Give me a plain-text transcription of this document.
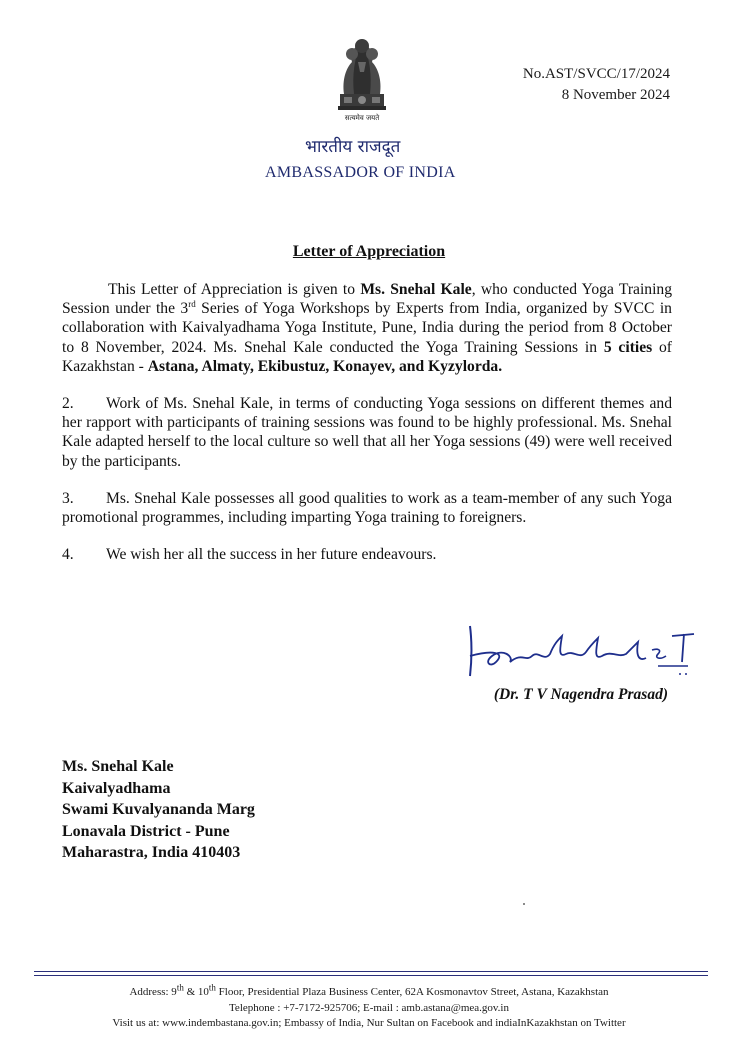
सत्यमेव जयते
No.AST/SVCC/17/2024
8 November 2024
भारतीय राजदूत
AMBASSADOR OF INDIA
Letter of Appreciation

This Letter of Appreciation is given to Ms. Snehal Kale, who conducted Yoga Training Session under the 3rd Series of Yoga Workshops by Experts from India, organized by SVCC in collaboration with Kaivalyadhama Yoga Institute, Pune, India during the period from 8 October to 8 November, 2024. Ms. Snehal Kale conducted the Yoga Training Sessions in 5 cities of Kazakhstan - Astana, Almaty, Ekibustuz, Konayev, and Kyzylorda.

2. Work of Ms. Snehal Kale, in terms of conducting Yoga sessions on different themes and her rapport with participants of training sessions was found to be highly professional. Ms. Snehal Kale adapted herself to the local culture so well that all her Yoga sessions (49) were well received by the participants.

3. Ms. Snehal Kale possesses all good qualities to work as a team-member of any such Yoga promotional programmes, including imparting Yoga training to foreigners.

4. We wish her all the success in her future endeavours.

(Dr. T V Nagendra Prasad)
Ms. Snehal Kale
Kaivalyadhama
Swami Kuvalyananda Marg
Lonavala District - Pune
Maharastra, India 410403
Address: 9th & 10th Floor, Presidential Plaza Business Center, 62A Kosmonavtov Street, Astana, Kazakhstan
Telephone : +7-7172-925706; E-mail : amb.astana@mea.gov.in
Visit us at: www.indembastana.gov.in; Embassy of India, Nur Sultan on Facebook and indiaInKazakhstan on Twitter
